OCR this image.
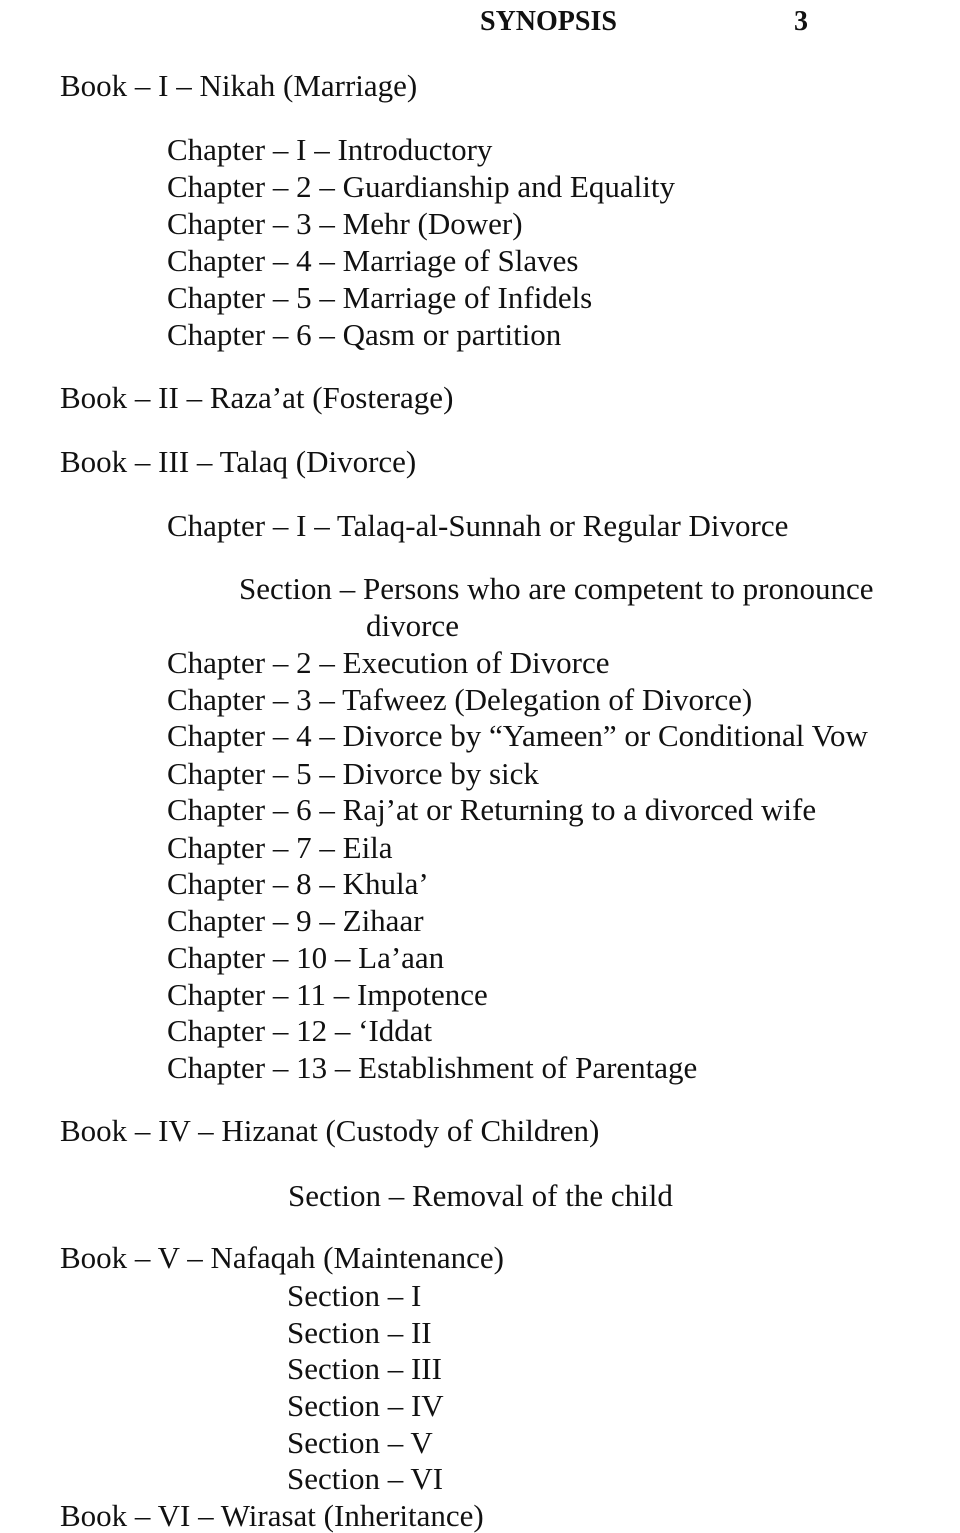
SYNOPSIS	3
Book – I – Nikah (Marriage)
Chapter – I – Introductory
Chapter – 2 – Guardianship and Equality
Chapter – 3 – Mehr (Dower)
Chapter – 4 – Marriage of Slaves
Chapter – 5 – Marriage of Infidels
Chapter – 6 – Qasm or partition
Book – II – Raza’at (Fosterage)
Book – III – Talaq (Divorce)
Chapter – I – Talaq-al-Sunnah or Regular Divorce
Section – Persons who are competent to pronounce
divorce
Chapter – 2 – Execution of Divorce
Chapter – 3 – Tafweez (Delegation of Divorce)
Chapter – 4 – Divorce by “Yameen” or Conditional Vow
Chapter – 5 – Divorce by sick
Chapter – 6 – Raj’at or Returning to a divorced wife
Chapter – 7 – Eila
Chapter – 8 – Khula’
Chapter – 9 – Zihaar
Chapter – 10 – La’aan
Chapter – 11 – Impotence
Chapter – 12 – ‘Iddat
Chapter – 13 – Establishment of Parentage
Book – IV – Hizanat (Custody of Children)
Section – Removal of the child
Book – V – Nafaqah (Maintenance)
Section – I
Section – II
Section – III
Section – IV
Section – V
Section – VI
Book – VI – Wirasat (Inheritance)
